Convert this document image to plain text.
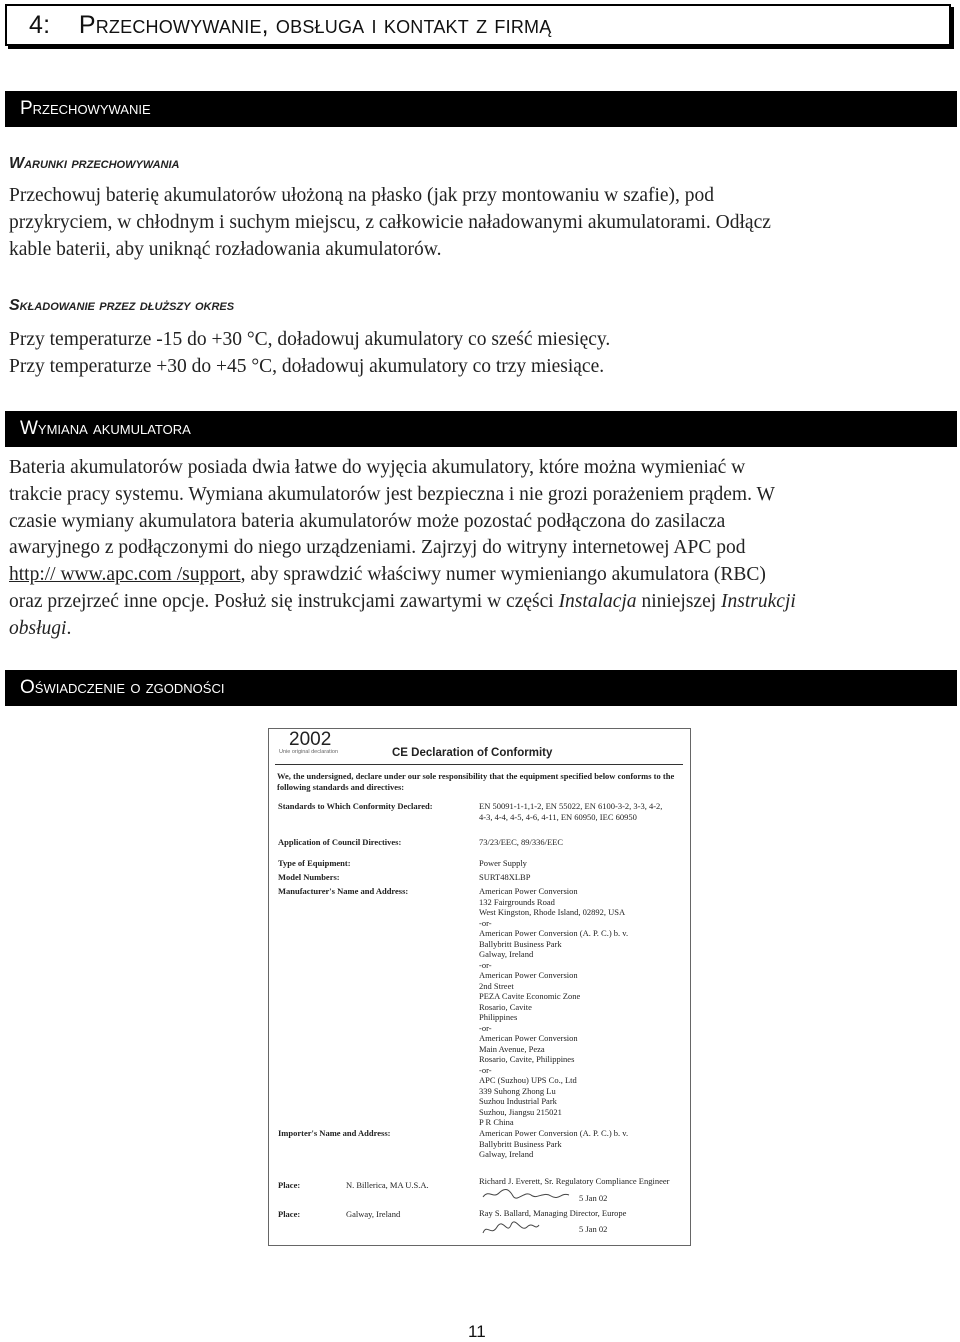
4: Przechowywanie, obsługa i kontakt z firmą
Przechowywanie
Warunki przechowywania
Przechowuj baterię akumulatorów ułożoną na płasko (jak przy montowaniu w szafie), pod
przykryciem, w chłodnym i suchym miejscu, z całkowicie naładowanymi akumulatorami. Odłącz
kable baterii, aby uniknąć rozładowania akumulatorów.
Składowanie przez dłuższy okres
Przy temperaturze -15 do +30 °C, doładowuj akumulatory co sześć miesięcy.
Przy temperaturze +30 do +45 °C, doładowuj akumulatory co trzy miesiące.
Wymiana akumulatora
Bateria akumulatorów posiada dwia łatwe do wyjęcia akumulatory, które można wymieniać w
trakcie pracy systemu. Wymiana akumulatorów jest bezpieczna i nie grozi porażeniem prądem. W
czasie wymiany akumulatora bateria akumulatorów może pozostać podłączona do zasilacza
awaryjnego z podłączonymi do niego urządzeniami. Zajrzyj do witryny internetowej APC pod
http:// www.apc.com /support, aby sprawdzić właściwy numer wymieniango akumulatora (RBC)
oraz przejrzeć inne opcje. Posłuż się instrukcjami zawartymi w części Instalacja niniejszej Instrukcji
obsługi.
Oświadczenie o zgodności
2002
Unie original declaration	CE Declaration of Conformity
We, the undersigned, declare under our sole responsibility that the equipment specified below conforms to the following standards and directives:
Standards to Which Conformity Declared:	EN 50091-1-1,1-2, EN 55022, EN 6100-3-2, 3-3, 4-2,
4-3, 4-4, 4-5, 4-6, 4-11, EN 60950, IEC 60950
Application of Council Directives:	73/23/EEC, 89/336/EEC
Type of Equipment:	Power Supply
Model Numbers:	SURT48XLBP
Manufacturer's Name and Address:	American Power Conversion
132 Fairgrounds Road
West Kingston, Rhode Island, 02892, USA
-or-
American Power Conversion (A. P. C.) b. v.
Ballybritt Business Park
Galway, Ireland
-or-
American Power Conversion
2nd Street
PEZA Cavite Economic Zone
Rosario, Cavite
Philippines
-or-
American Power Conversion
Main Avenue, Peza
Rosario, Cavite, Philippines
-or-
APC (Suzhou) UPS Co., Ltd
339 Suhong Zhong Lu
Suzhou Industrial Park
Suzhou, Jiangsu 215021
P R China
Importer's Name and Address:	American Power Conversion (A. P. C.) b. v.
Ballybritt Business Park
Galway, Ireland
Place:	N. Billerica, MA U.S.A.	Richard J. Everett, Sr. Regulatory Compliance Engineer
5 Jan 02
Place:	Galway, Ireland	Ray S. Ballard, Managing Director, Europe
5 Jan 02
11
